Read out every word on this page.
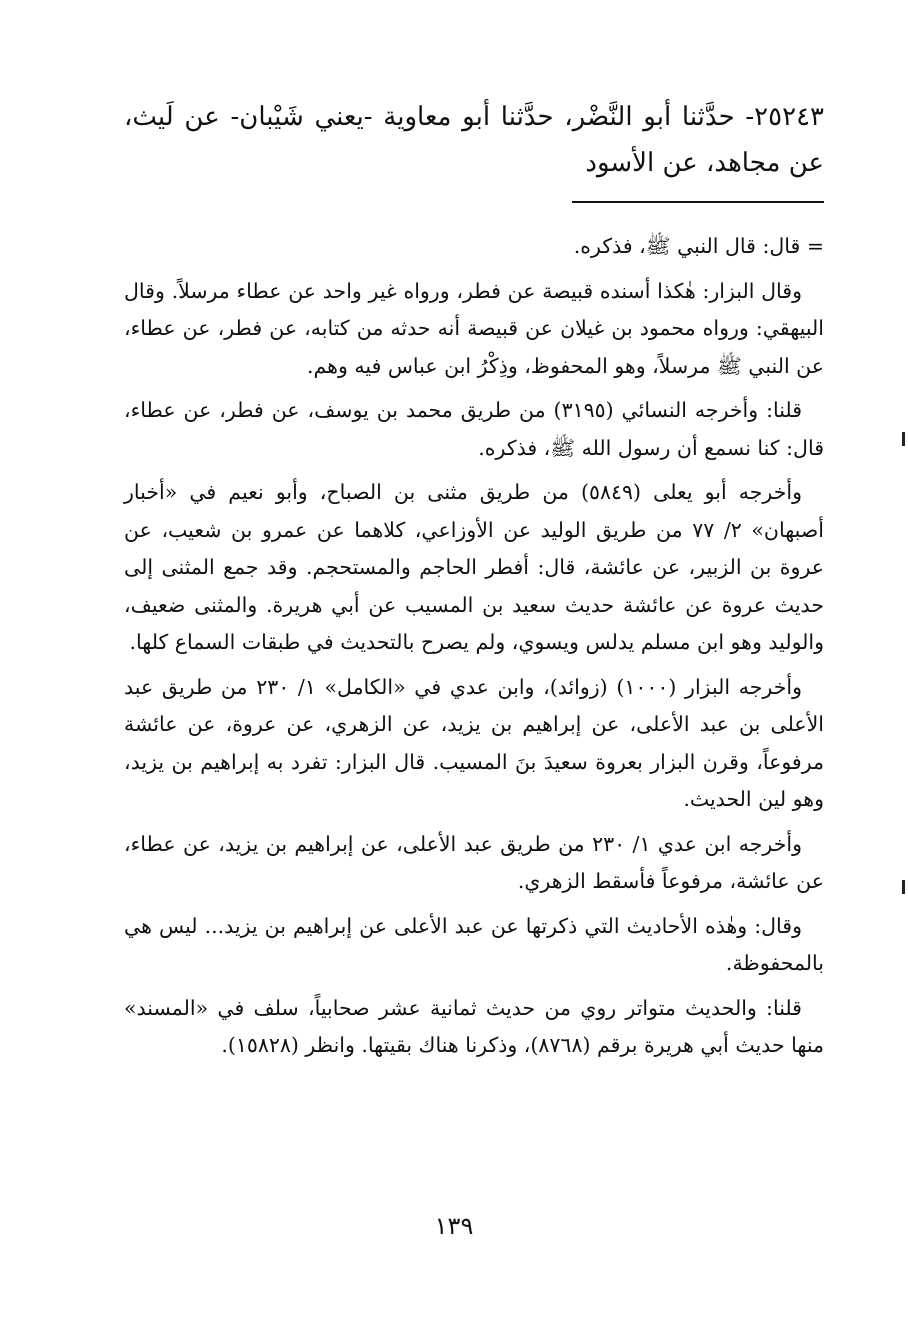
٢٥٢٤٣- حدَّثنا أبو النَّضْر، حدَّثنا أبو معاوية -يعني شَيْبان- عن لَيث، عن مجاهد، عن الأسود

= قال: قال النبي ﷺ، فذكره.

وقال البزار: هٰكذا أسنده قبيصة عن فطر، ورواه غير واحد عن عطاء مرسلاً. وقال البيهقي: ورواه محمود بن غيلان عن قبيصة أنه حدثه من كتابه، عن فطر، عن عطاء، عن النبي ﷺ مرسلاً، وهو المحفوظ، وذِكْرُ ابن عباس فيه وهم.

قلنا: وأخرجه النسائي (٣١٩٥) من طريق محمد بن يوسف، عن فطر، عن عطاء، قال: كنا نسمع أن رسول الله ﷺ، فذكره.

وأخرجه أبو يعلى (٥٨٤٩) من طريق مثنى بن الصباح، وأبو نعيم في «أخبار أصبهان» ٢/ ٧٧ من طريق الوليد عن الأوزاعي، كلاهما عن عمرو بن شعيب، عن عروة بن الزبير، عن عائشة، قال: أفطر الحاجم والمستحجم. وقد جمع المثنى إلى حديث عروة عن عائشة حديث سعيد بن المسيب عن أبي هريرة. والمثنى ضعيف، والوليد وهو ابن مسلم يدلس ويسوي، ولم يصرح بالتحديث في طبقات السماع كلها.

وأخرجه البزار (١٠٠٠) (زوائد)، وابن عدي في «الكامل» ١/ ٢٣٠ من طريق عبد الأعلى بن عبد الأعلى، عن إبراهيم بن يزيد، عن الزهري، عن عروة، عن عائشة مرفوعاً، وقرن البزار بعروة سعيدَ بنَ المسيب. قال البزار: تفرد به إبراهيم بن يزيد، وهو لين الحديث.

وأخرجه ابن عدي ١/ ٢٣٠ من طريق عبد الأعلى، عن إبراهيم بن يزيد، عن عطاء، عن عائشة، مرفوعاً فأسقط الزهري.

وقال: وهٰذه الأحاديث التي ذكرتها عن عبد الأعلى عن إبراهيم بن يزيد... ليس هي بالمحفوظة.

قلنا: والحديث متواتر روي من حديث ثمانية عشر صحابياً، سلف في «المسند» منها حديث أبي هريرة برقم (٨٧٦٨)، وذكرنا هناك بقيتها. وانظر (١٥٨٢٨).

١٣٩
